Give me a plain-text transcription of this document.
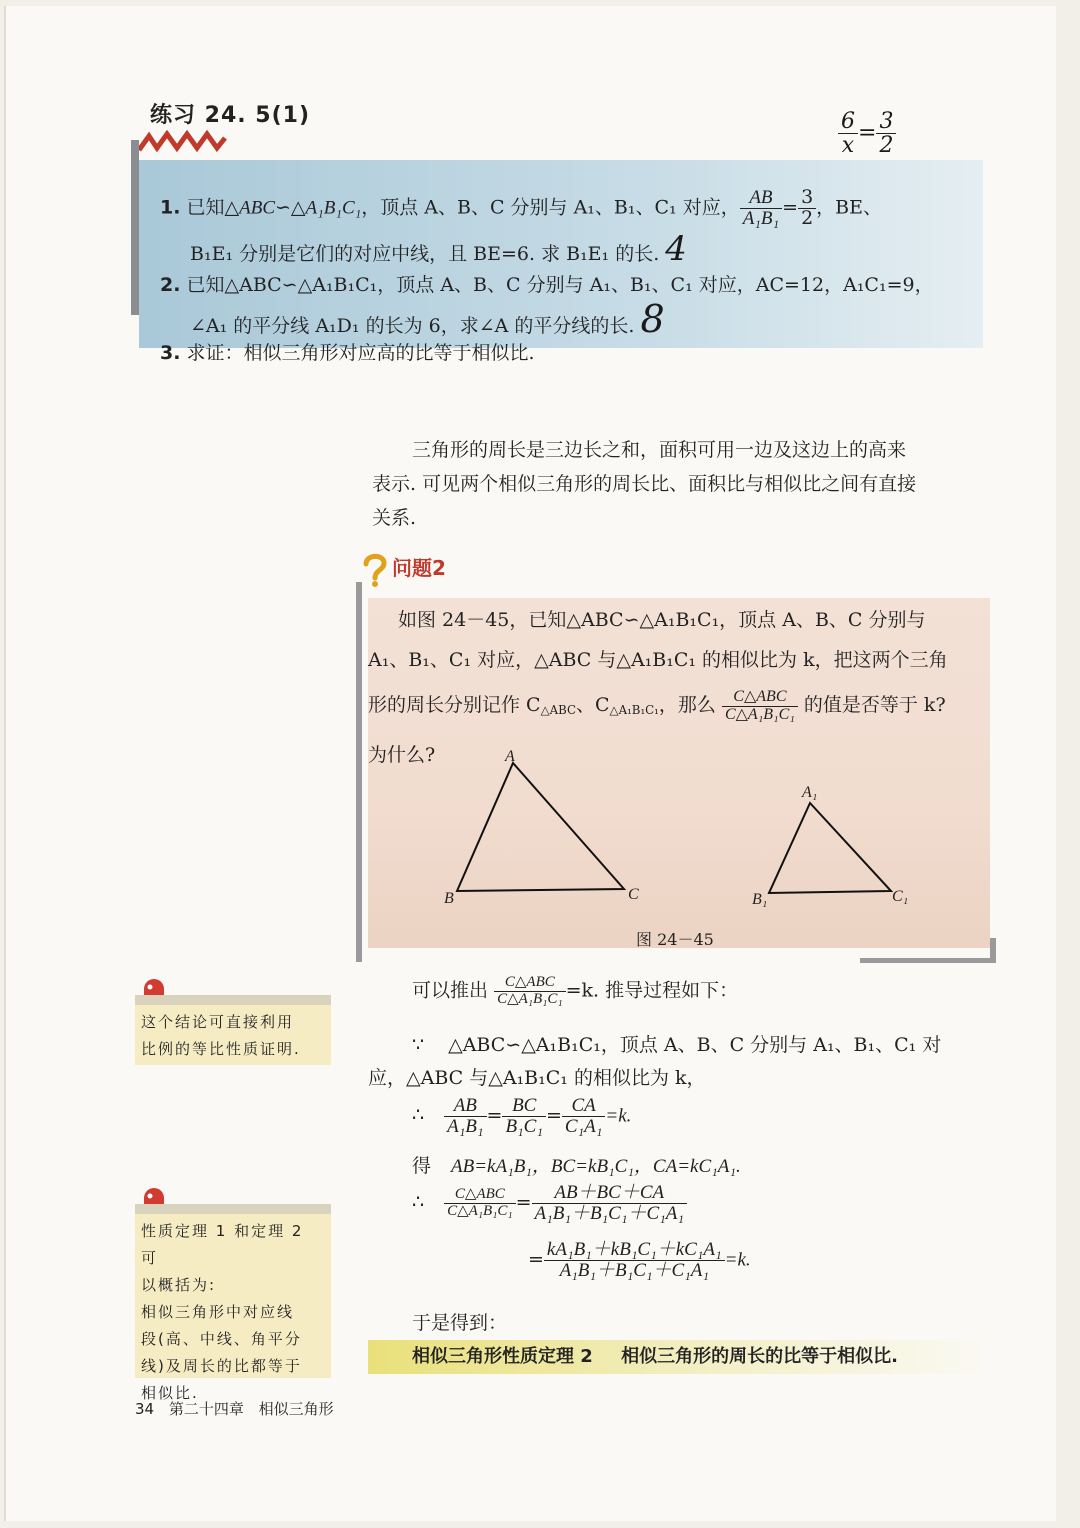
练习 24. 5(1)	$\frac{6}{x} = \frac{3}{2}$
1. 已知△ABC∽△A₁B₁C₁，顶点 A、B、C 分别与 A₁、B₁、C₁ 对应， $\frac{AB}{\text{A₁B₁}} = \frac{3}{2}$ ，BE、
B₁E₁ 分别是它们的对应中线，且 BE=6. 求 B₁E₁ 的长. 4
2. 已知△ABC∽△A₁B₁C₁，顶点 A、B、C 分别与 A₁、B₁、C₁ 对应，AC=12，A₁C₁=9，
∠A₁ 的平分线 A₁D₁ 的长为 6，求∠A 的平分线的长. 8
3. 求证：相似三角形对应高的比等于相似比.
三角形的周长是三边长之和，面积可用一边及这边上的高来
表示. 可见两个相似三角形的周长比、面积比与相似比之间有直接
关系.
问题2
如图 24－45，已知△ABC∽△A₁B₁C₁，顶点 A、B、C 分别与
A₁、B₁、C₁ 对应，△ABC 与△A₁B₁C₁ 的相似比为 k，把这两个三角
形的周长分别记作 $C_{\triangle ABC}$、$C_{\triangle A_1B_1C_1}$，那么 $\frac{\text{C△ABC}}{\text{C△A₁B₁C₁}}$ 的值是否等于 k?
为什么?	A
B	C
A₁
B₁	C₁
图 24－45
这个结论可直接利用
比例的等比性质证明.
性质定理 1 和定理 2 可
以概括为:
相似三角形中对应线
段(高、中线、角平分
线)及周长的比都等于
相似比.
可以推出 $\frac{\text{C△ABC}}{\text{C△A₁B₁C₁}} =k$. 推导过程如下：
∵ △ABC∽△A₁B₁C₁，顶点 A、B、C 分别与 A₁、B₁、C₁ 对
应，△ABC 与△A₁B₁C₁ 的相似比为 k，
∴ $\frac{AB}{\text{A₁B₁}} = \frac{BC}{\text{B₁C₁}} = \frac{CA}{\text{C₁A₁}} =k$.
得 AB=kA₁B₁，BC=kB₁C₁，CA=kC₁A₁.
∴ $\frac{\text{C△ABC}}{\text{C△A₁B₁C₁}} = \frac{AB+BC+CA}{\text{A₁B₁＋B₁C₁＋C₁A₁}}$
= $\frac{\text{kA₁B₁＋kB₁C₁＋kC₁A₁}}{\text{A₁B₁＋B₁C₁＋C₁A₁}} =k$.
于是得到：
相似三角形性质定理 2 相似三角形的周长的比等于相似比.
34 第二十四章 相似三角形
